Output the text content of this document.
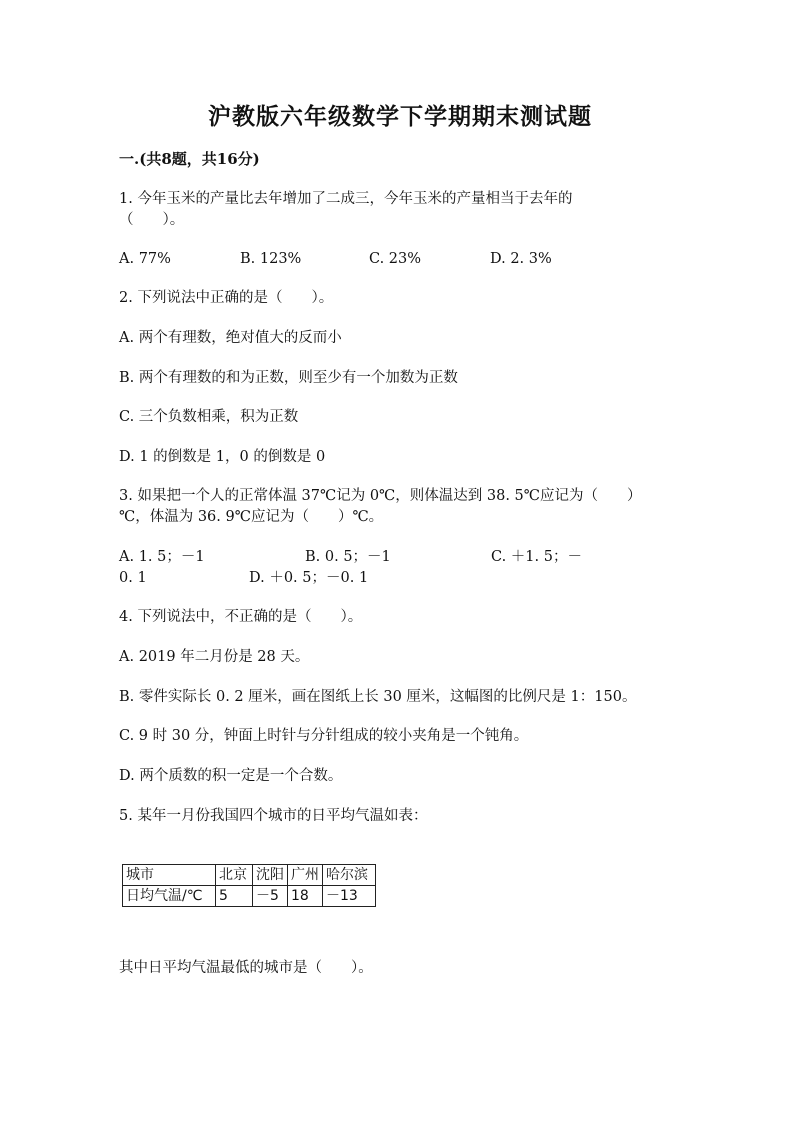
沪教版六年级数学下学期期末测试题
一.(共8题，共16分)
1. 今年玉米的产量比去年增加了二成三，今年玉米的产量相当于去年的
（　　）。
A. 77%	B. 123%	C. 23%	D. 2. 3%
2. 下列说法中正确的是（　　）。
A. 两个有理数，绝对值大的反而小
B. 两个有理数的和为正数，则至少有一个加数为正数
C. 三个负数相乘，积为正数
D. 1 的倒数是 1，0 的倒数是 0
3. 如果把一个人的正常体温 37℃记为 0℃，则体温达到 38. 5℃应记为（　　）
℃，体温为 36. 9℃应记为（　　）℃。
A. 1. 5；－1	B. 0. 5；－1	C. ＋1. 5；－
0. 1	D. ＋0. 5；－0. 1
4. 下列说法中，不正确的是（　　）。
A. 2019 年二月份是 28 天。
B. 零件实际长 0. 2 厘米，画在图纸上长 30 厘米，这幅图的比例尺是 1：150。
C. 9 时 30 分，钟面上时针与分针组成的较小夹角是一个钝角。
D. 两个质数的积一定是一个合数。
5. 某年一月份我国四个城市的日平均气温如表：
城市	北京	沈阳	广州	哈尔滨
日均气温/℃	5	－5	18	－13
其中日平均气温最低的城市是（　　）。
